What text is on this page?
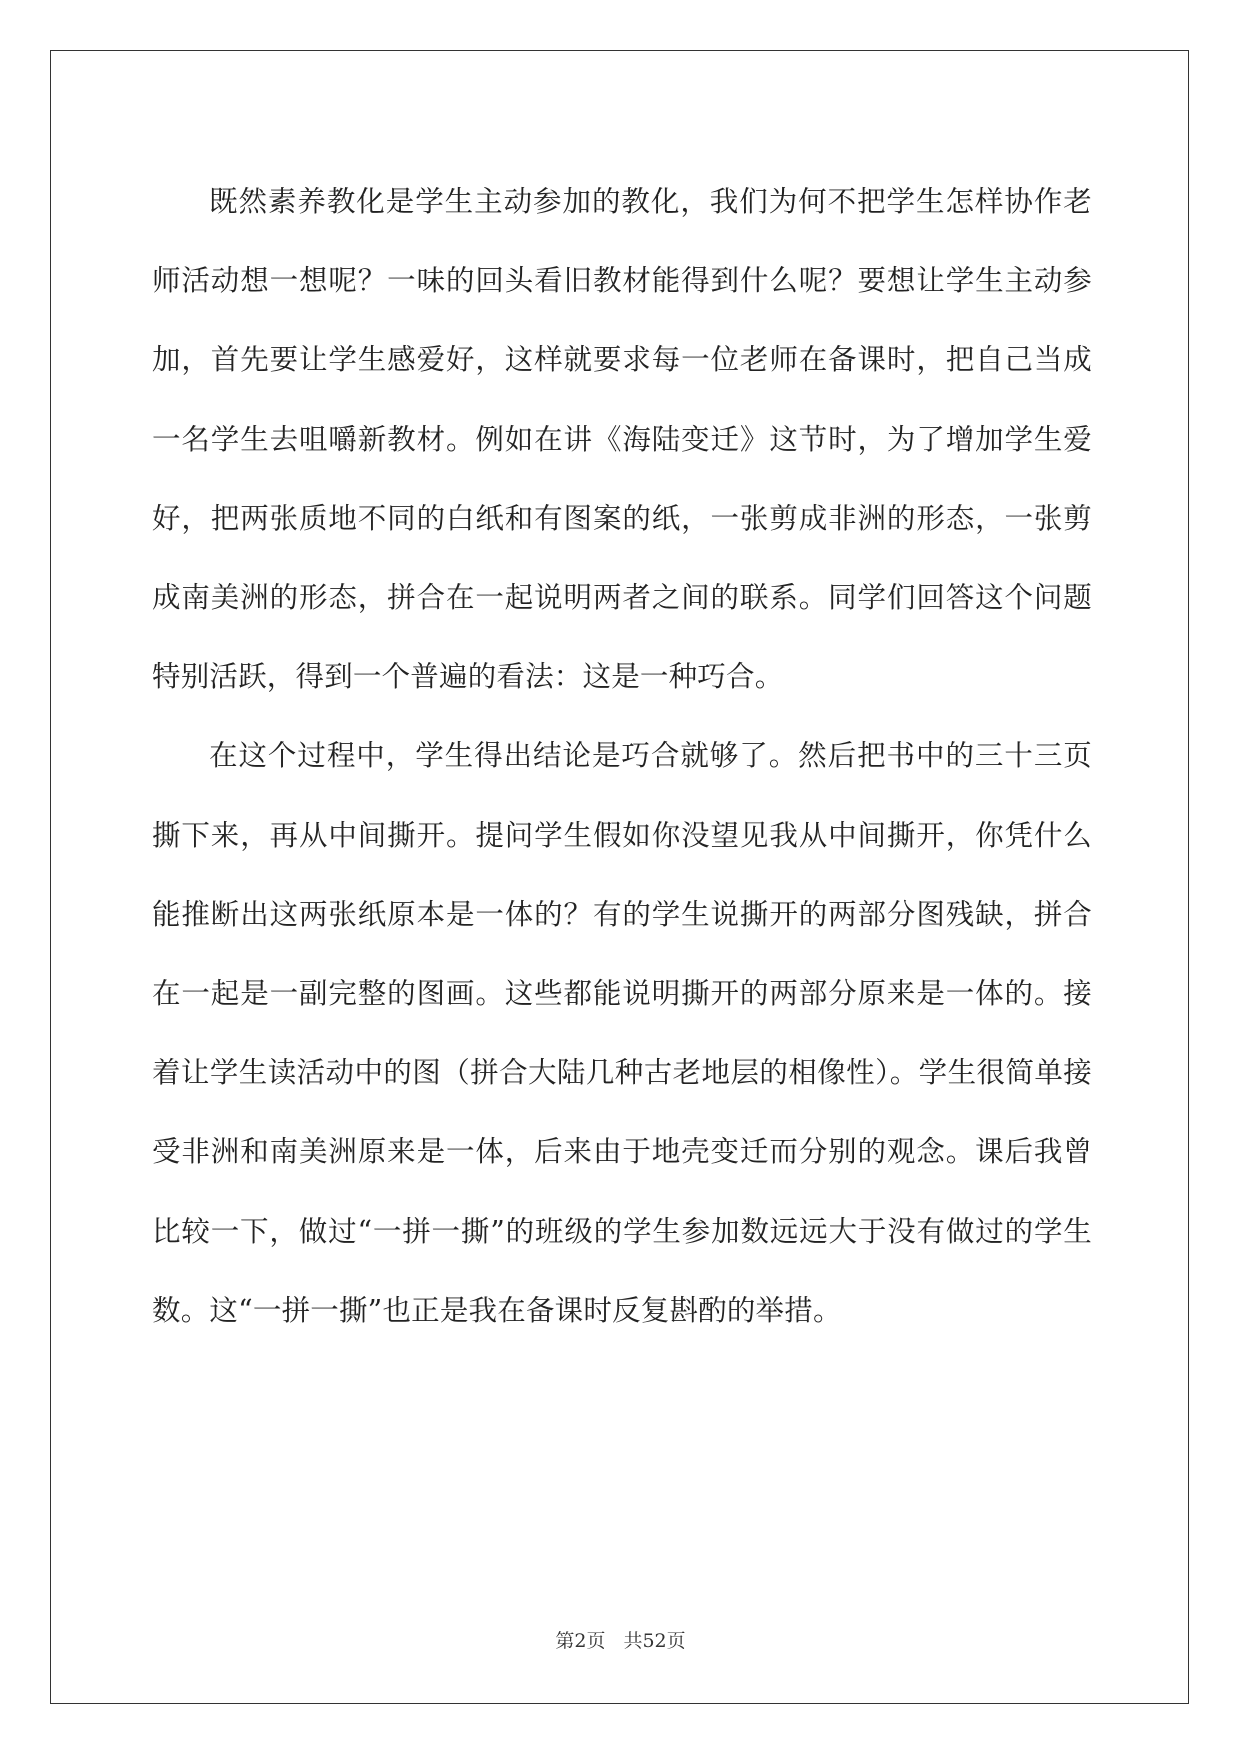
既然素养教化是学生主动参加的教化，我们为何不把学生怎样协作老师活动想一想呢？一味的回头看旧教材能得到什么呢？要想让学生主动参加，首先要让学生感爱好，这样就要求每一位老师在备课时，把自己当成一名学生去咀嚼新教材。例如在讲《海陆变迁》这节时，为了增加学生爱好，把两张质地不同的白纸和有图案的纸，一张剪成非洲的形态，一张剪成南美洲的形态，拼合在一起说明两者之间的联系。同学们回答这个问题特别活跃，得到一个普遍的看法：这是一种巧合。

在这个过程中，学生得出结论是巧合就够了。然后把书中的三十三页撕下来，再从中间撕开。提问学生假如你没望见我从中间撕开，你凭什么能推断出这两张纸原本是一体的？有的学生说撕开的两部分图残缺，拼合在一起是一副完整的图画。这些都能说明撕开的两部分原来是一体的。接着让学生读活动中的图（拼合大陆几种古老地层的相像性）。学生很简单接受非洲和南美洲原来是一体，后来由于地壳变迁而分别的观念。课后我曾比较一下，做过“一拼一撕”的班级的学生参加数远远大于没有做过的学生数。这“一拼一撕”也正是我在备课时反复斟酌的举措。

第2页 共52页
